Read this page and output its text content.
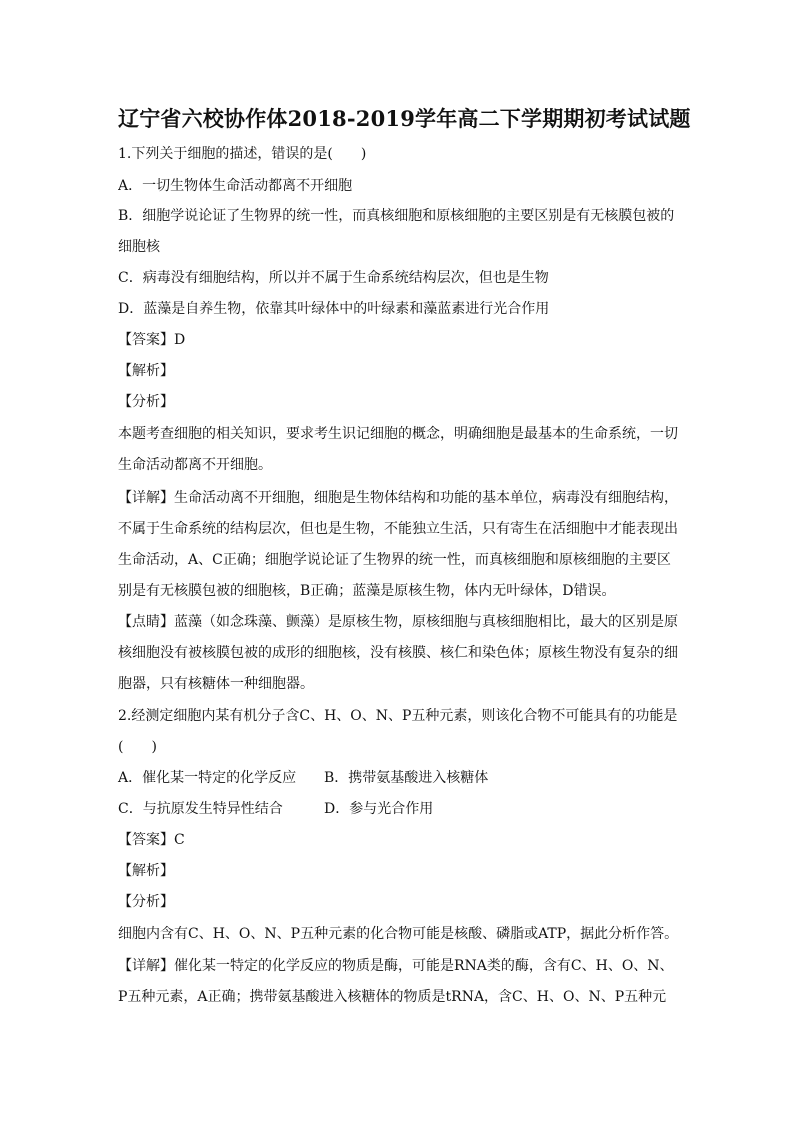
辽宁省六校协作体2018-2019学年高二下学期期初考试试题
1.下列关于细胞的描述，错误的是(　　)
A．一切生物体生命活动都离不开细胞
B．细胞学说论证了生物界的统一性，而真核细胞和原核细胞的主要区别是有无核膜包被的
细胞核
C．病毒没有细胞结构，所以并不属于生命系统结构层次，但也是生物
D．蓝藻是自养生物，依靠其叶绿体中的叶绿素和藻蓝素进行光合作用
【答案】D
【解析】
【分析】
本题考查细胞的相关知识，要求考生识记细胞的概念，明确细胞是最基本的生命系统，一切
生命活动都离不开细胞。
【详解】生命活动离不开细胞，细胞是生物体结构和功能的基本单位，病毒没有细胞结构，
不属于生命系统的结构层次，但也是生物，不能独立生活，只有寄生在活细胞中才能表现出
生命活动，A、C正确；细胞学说论证了生物界的统一性，而真核细胞和原核细胞的主要区
别是有无核膜包被的细胞核，B正确；蓝藻是原核生物，体内无叶绿体，D错误。
【点睛】蓝藻（如念珠藻、颤藻）是原核生物，原核细胞与真核细胞相比，最大的区别是原
核细胞没有被核膜包被的成形的细胞核，没有核膜、核仁和染色体；原核生物没有复杂的细
胞器，只有核糖体一种细胞器。
2.经测定细胞内某有机分子含C、H、O、N、P五种元素，则该化合物不可能具有的功能是
(　　)
A．催化某一特定的化学反应 B．携带氨基酸进入核糖体
C．与抗原发生特异性结合	D．参与光合作用
【答案】C
【解析】
【分析】
细胞内含有C、H、O、N、P五种元素的化合物可能是核酸、磷脂或ATP，据此分析作答。
【详解】催化某一特定的化学反应的物质是酶，可能是RNA类的酶，含有C、H、O、N、
P五种元素，A正确；携带氨基酸进入核糖体的物质是tRNA，含C、H、O、N、P五种元
